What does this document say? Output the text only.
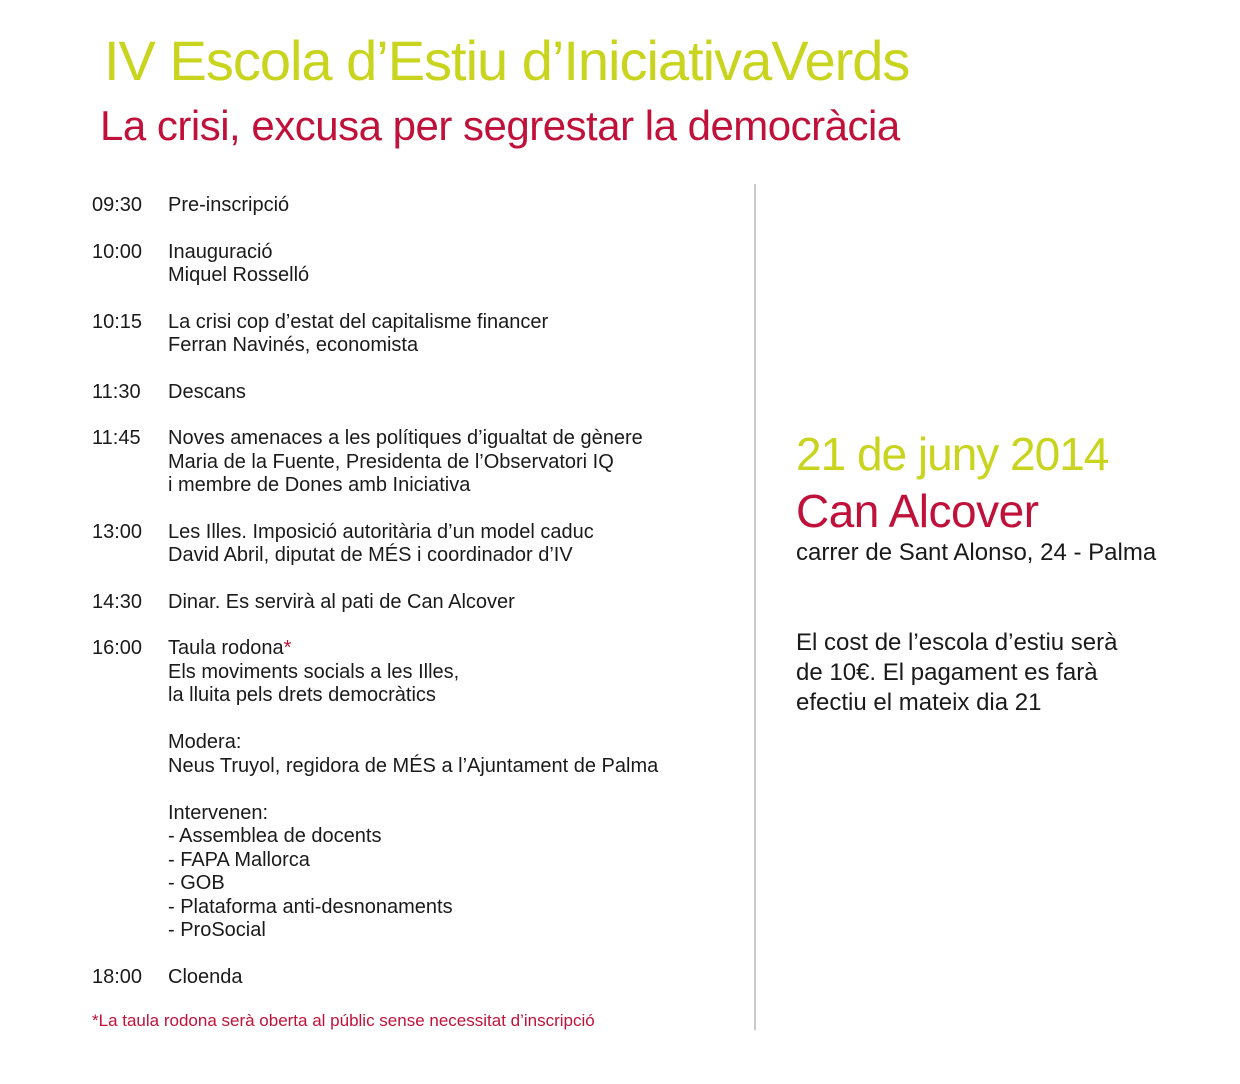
IV Escola d’Estiu d’IniciativaVerds
La crisi, excusa per segrestar la democràcia
09:30 Pre-inscripció
10:00 Inauguració
Miquel Rosselló
10:15 La crisi cop d’estat del capitalisme financer
Ferran Navinés, economista
11:30 Descans
11:45 Noves amenaces a les polítiques d’igualtat de gènere
Maria de la Fuente, Presidenta de l’Observatori IQ
i membre de Dones amb Iniciativa
13:00 Les Illes. Imposició autoritària d’un model caduc
David Abril, diputat de MÉS i coordinador d’IV
14:30 Dinar. Es servirà al pati de Can Alcover
16:00 Taula rodona*
Els moviments socials a les Illes,
la lluita pels drets democràtics
Modera:
Neus Truyol, regidora de MÉS a l’Ajuntament de Palma
Intervenen:
- Assemblea de docents
- FAPA Mallorca
- GOB
- Plataforma anti-desnonaments
- ProSocial
18:00 Cloenda
*La taula rodona serà oberta al públic sense necessitat d’inscripció
21 de juny 2014
Can Alcover
carrer de Sant Alonso, 24 - Palma
El cost de l’escola d’estiu serà
de 10€. El pagament es farà
efectiu el mateix dia 21
